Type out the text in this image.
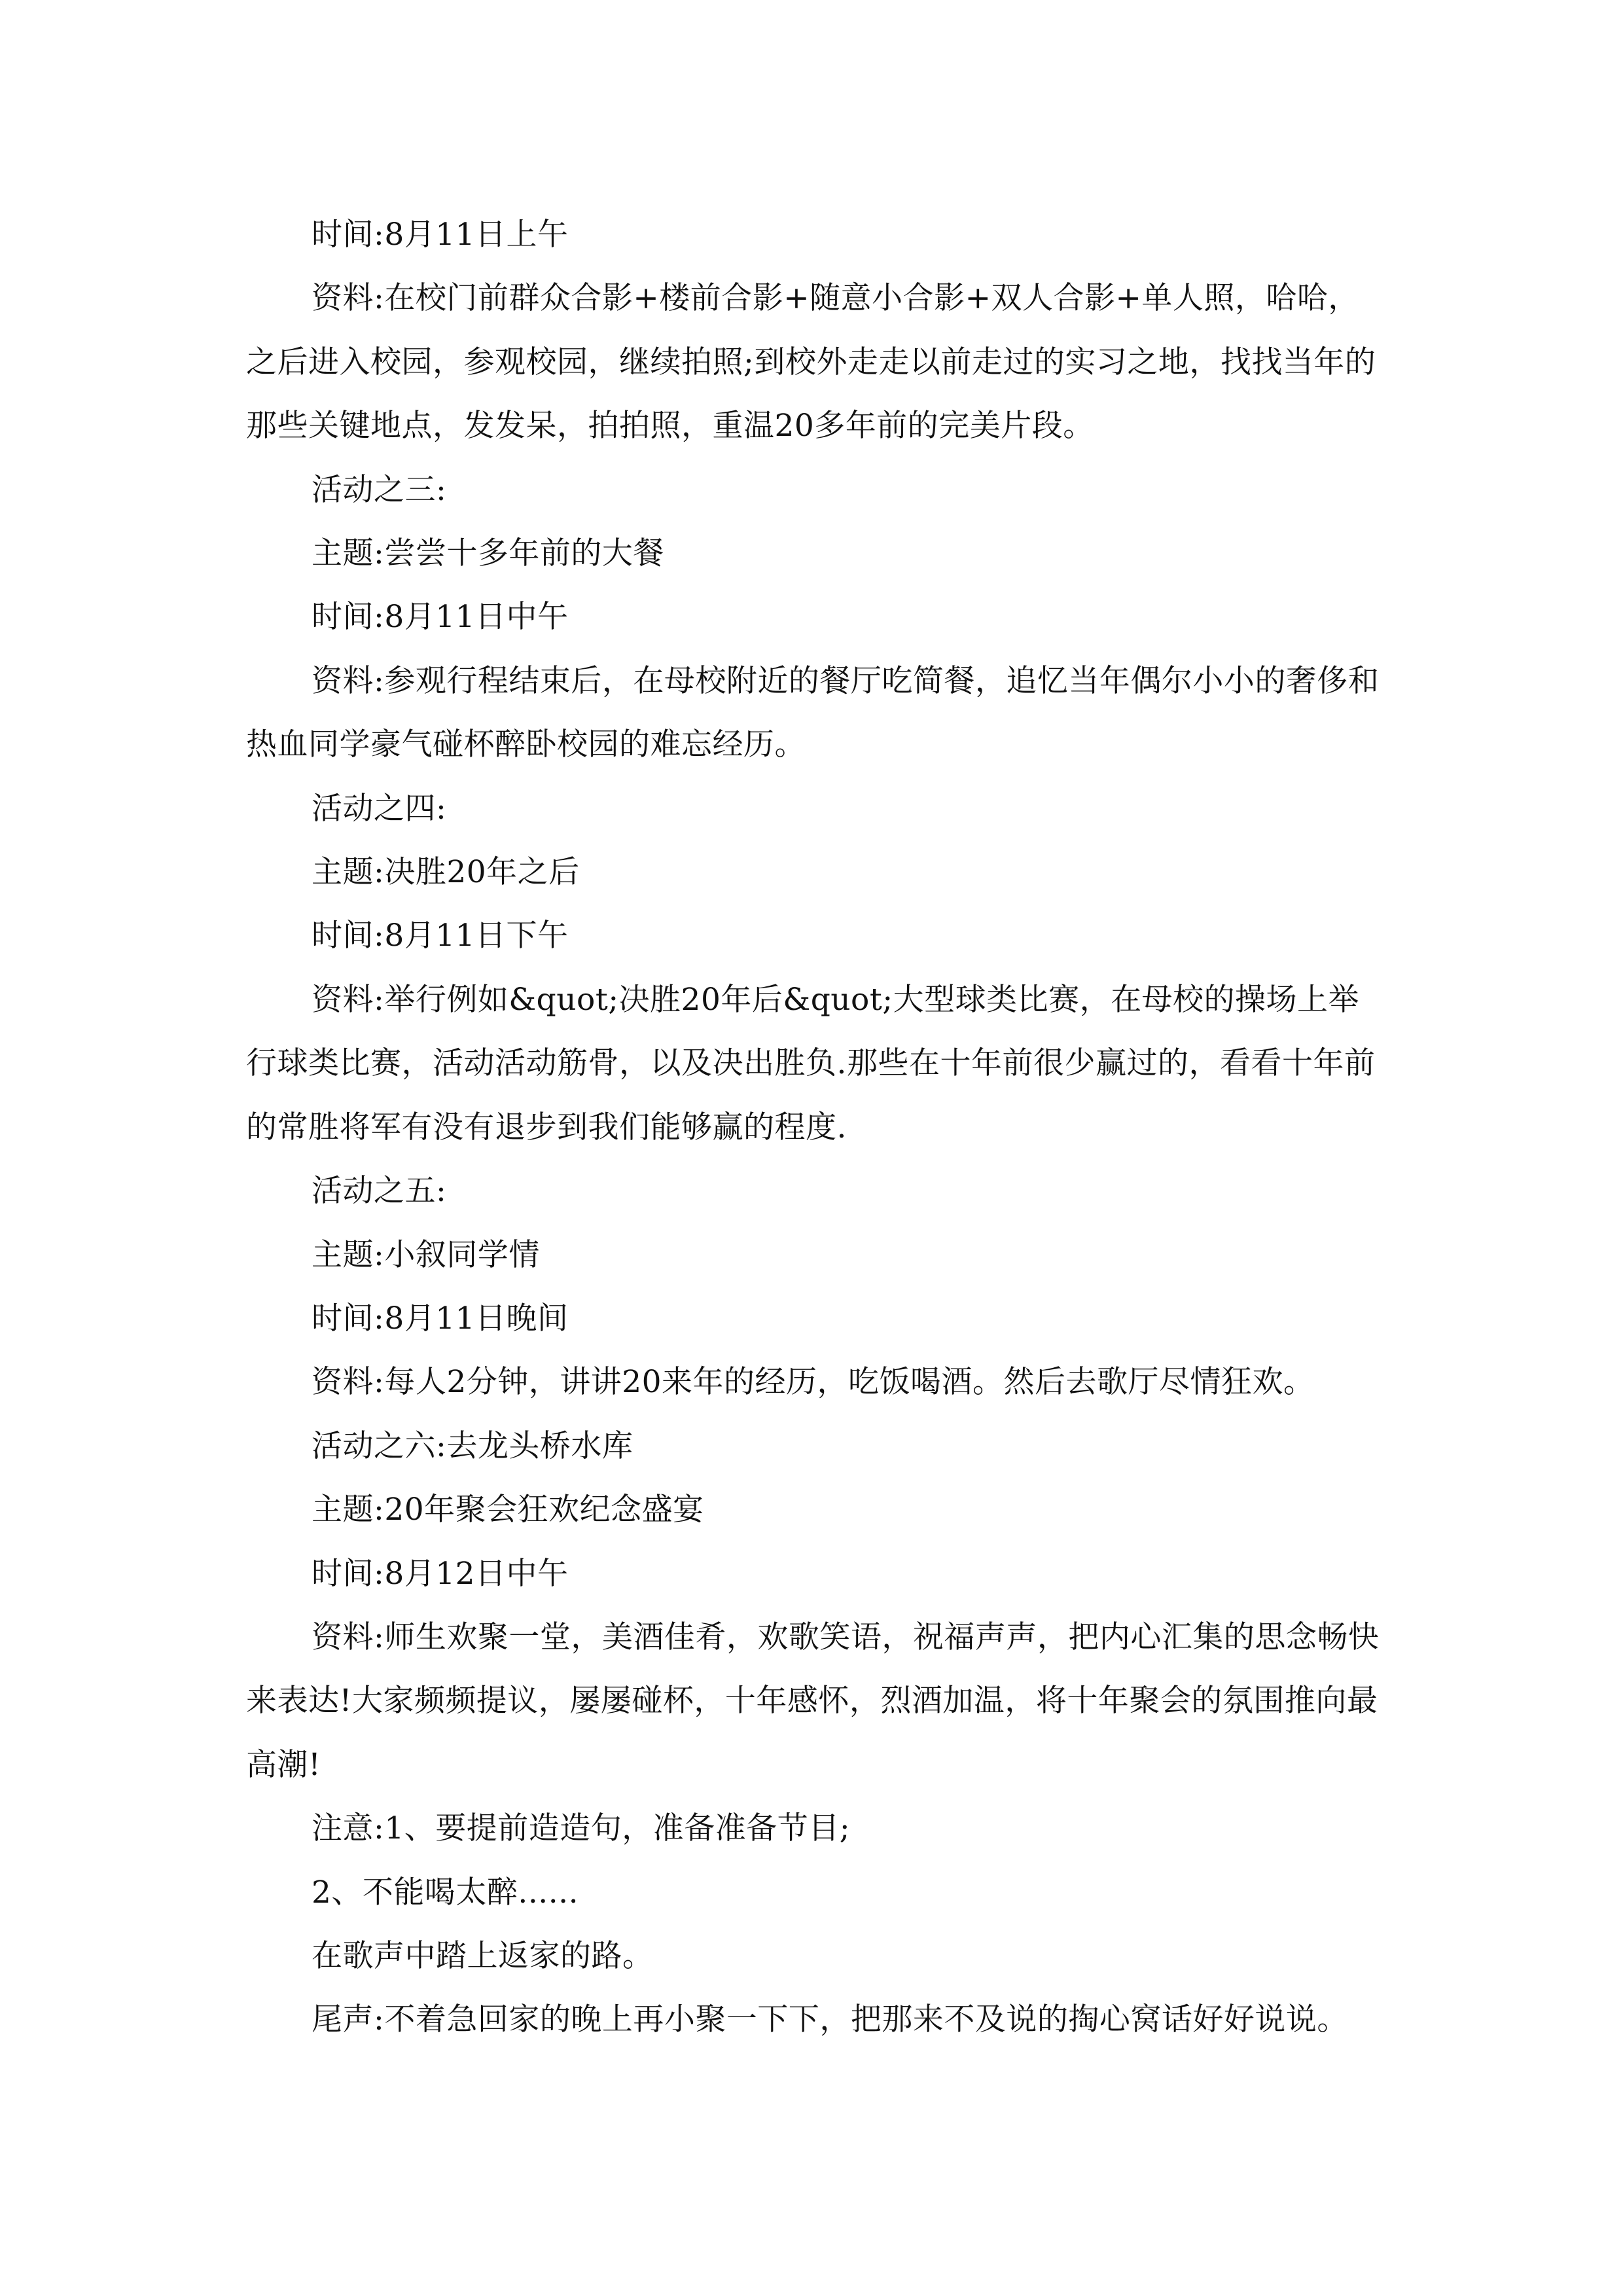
时间:8月11日上午

资料:在校门前群众合影+楼前合影+随意小合影+双人合影+单人照，哈哈，之后进入校园，参观校园，继续拍照;到校外走走以前走过的实习之地，找找当年的那些关键地点，发发呆，拍拍照，重温20多年前的完美片段。

活动之三:

主题:尝尝十多年前的大餐

时间:8月11日中午

资料:参观行程结束后，在母校附近的餐厅吃简餐，追忆当年偶尔小小的奢侈和热血同学豪气碰杯醉卧校园的难忘经历。

活动之四:

主题:决胜20年之后

时间:8月11日下午

资料:举行例如&quot;决胜20年后&quot;大型球类比赛，在母校的操场上举行球类比赛，活动活动筋骨，以及决出胜负.那些在十年前很少赢过的，看看十年前的常胜将军有没有退步到我们能够赢的程度.

活动之五:

主题:小叙同学情

时间:8月11日晚间

资料:每人2分钟，讲讲20来年的经历，吃饭喝酒。然后去歌厅尽情狂欢。

活动之六:去龙头桥水库

主题:20年聚会狂欢纪念盛宴

时间:8月12日中午

资料:师生欢聚一堂，美酒佳肴，欢歌笑语，祝福声声，把内心汇集的思念畅快来表达!大家频频提议，屡屡碰杯，十年感怀，烈酒加温，将十年聚会的氛围推向最高潮!

注意:1、要提前造造句，准备准备节目;

2、不能喝太醉......

在歌声中踏上返家的路。

尾声:不着急回家的晚上再小聚一下下，把那来不及说的掏心窝话好好说说。
